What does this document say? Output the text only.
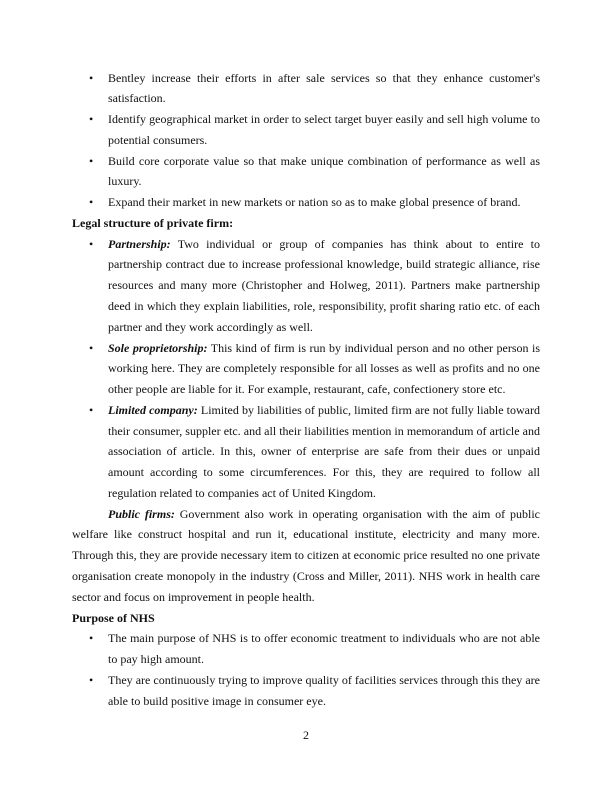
• Bentley increase their efforts in after sale services so that they enhance customer's satisfaction.
• Identify geographical market in order to select target buyer easily and sell high volume to potential consumers.
• Build core corporate value so that make unique combination of performance as well as luxury.
• Expand their market in new markets or nation so as to make global presence of brand.
Legal structure of private firm:
• Partnership: Two individual or group of companies has think about to entire to partnership contract due to increase professional knowledge, build strategic alliance, rise resources and many more (Christopher and Holweg, 2011). Partners make partnership deed in which they explain liabilities, role, responsibility, profit sharing ratio etc. of each partner and they work accordingly as well.
• Sole proprietorship: This kind of firm is run by individual person and no other person is working here. They are completely responsible for all losses as well as profits and no one other people are liable for it. For example, restaurant, cafe, confectionery store etc.
• Limited company: Limited by liabilities of public, limited firm are not fully liable toward their consumer, suppler etc. and all their liabilities mention in memorandum of article and association of article. In this, owner of enterprise are safe from their dues or unpaid amount according to some circumferences. For this, they are required to follow all regulation related to companies act of United Kingdom.

Public firms: Government also work in operating organisation with the aim of public welfare like construct hospital and run it, educational institute, electricity and many more. Through this, they are provide necessary item to citizen at economic price resulted no one private organisation create monopoly in the industry (Cross and Miller, 2011). NHS work in health care sector and focus on improvement in people health.

Purpose of NHS
• The main purpose of NHS is to offer economic treatment to individuals who are not able to pay high amount.
• They are continuously trying to improve quality of facilities services through this they are able to build positive image in consumer eye.
2
